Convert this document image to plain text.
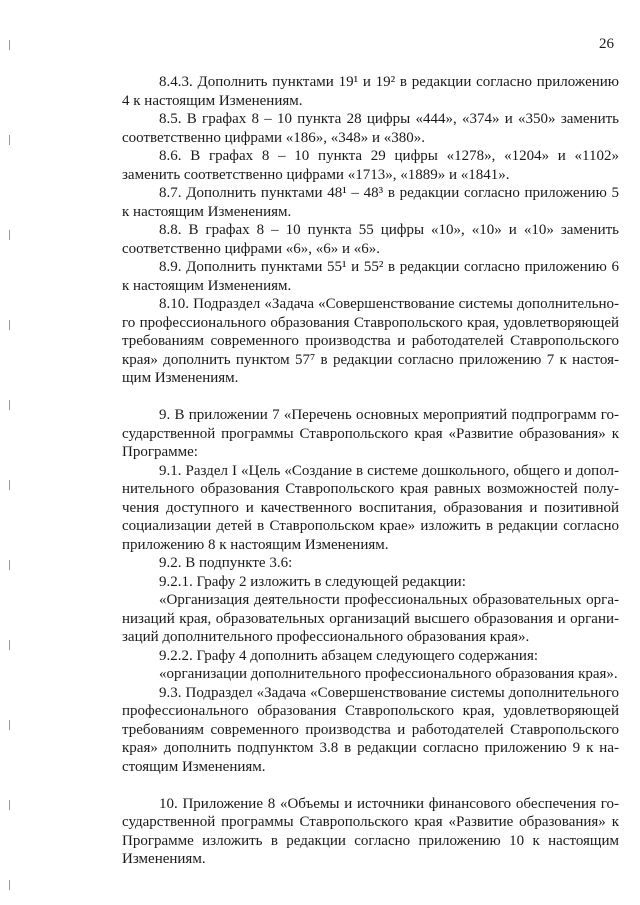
26

8.4.3. Дополнить пунктами 19¹ и 19² в редакции согласно приложению 4 к настоящим Изменениям.

8.5. В графах 8 – 10 пункта 28 цифры «444», «374» и «350» заменить соответственно цифрами «186», «348» и «380».

8.6. В графах 8 – 10 пункта 29 цифры «1278», «1204» и «1102» заменить соответственно цифрами «1713», «1889» и «1841».

8.7. Дополнить пунктами 48¹ – 48³ в редакции согласно приложению 5 к настоящим Изменениям.

8.8. В графах 8 – 10 пункта 55 цифры «10», «10» и «10» заменить соответственно цифрами «6», «6» и «6».

8.9. Дополнить пунктами 55¹ и 55² в редакции согласно приложению 6 к настоящим Изменениям.

8.10. Подраздел «Задача «Совершенствование системы дополнительного профессионального образования Ставропольского края, удовлетворяющей требованиям современного производства и работодателей Ставропольского края» дополнить пунктом 57⁷ в редакции согласно приложению 7 к настоящим Изменениям.

9. В приложении 7 «Перечень основных мероприятий подпрограмм государственной программы Ставропольского края «Развитие образования» к Программе:

9.1. Раздел I «Цель «Создание в системе дошкольного, общего и дополнительного образования Ставропольского края равных возможностей получения доступного и качественного воспитания, образования и позитивной социализации детей в Ставропольском крае» изложить в редакции согласно приложению 8 к настоящим Изменениям.

9.2. В подпункте 3.6:

9.2.1. Графу 2 изложить в следующей редакции:

«Организация деятельности профессиональных образовательных организаций края, образовательных организаций высшего образования и организаций дополнительного профессионального образования края».

9.2.2. Графу 4 дополнить абзацем следующего содержания:

«организации дополнительного профессионального образования края».

9.3. Подраздел «Задача «Совершенствование системы дополнительного профессионального образования Ставропольского края, удовлетворяющей требованиям современного производства и работодателей Ставропольского края» дополнить подпунктом 3.8 в редакции согласно приложению 9 к настоящим Изменениям.

10. Приложение 8 «Объемы и источники финансового обеспечения государственной программы Ставропольского края «Развитие образования» к Программе изложить в редакции согласно приложению 10 к настоящим Изменениям.
